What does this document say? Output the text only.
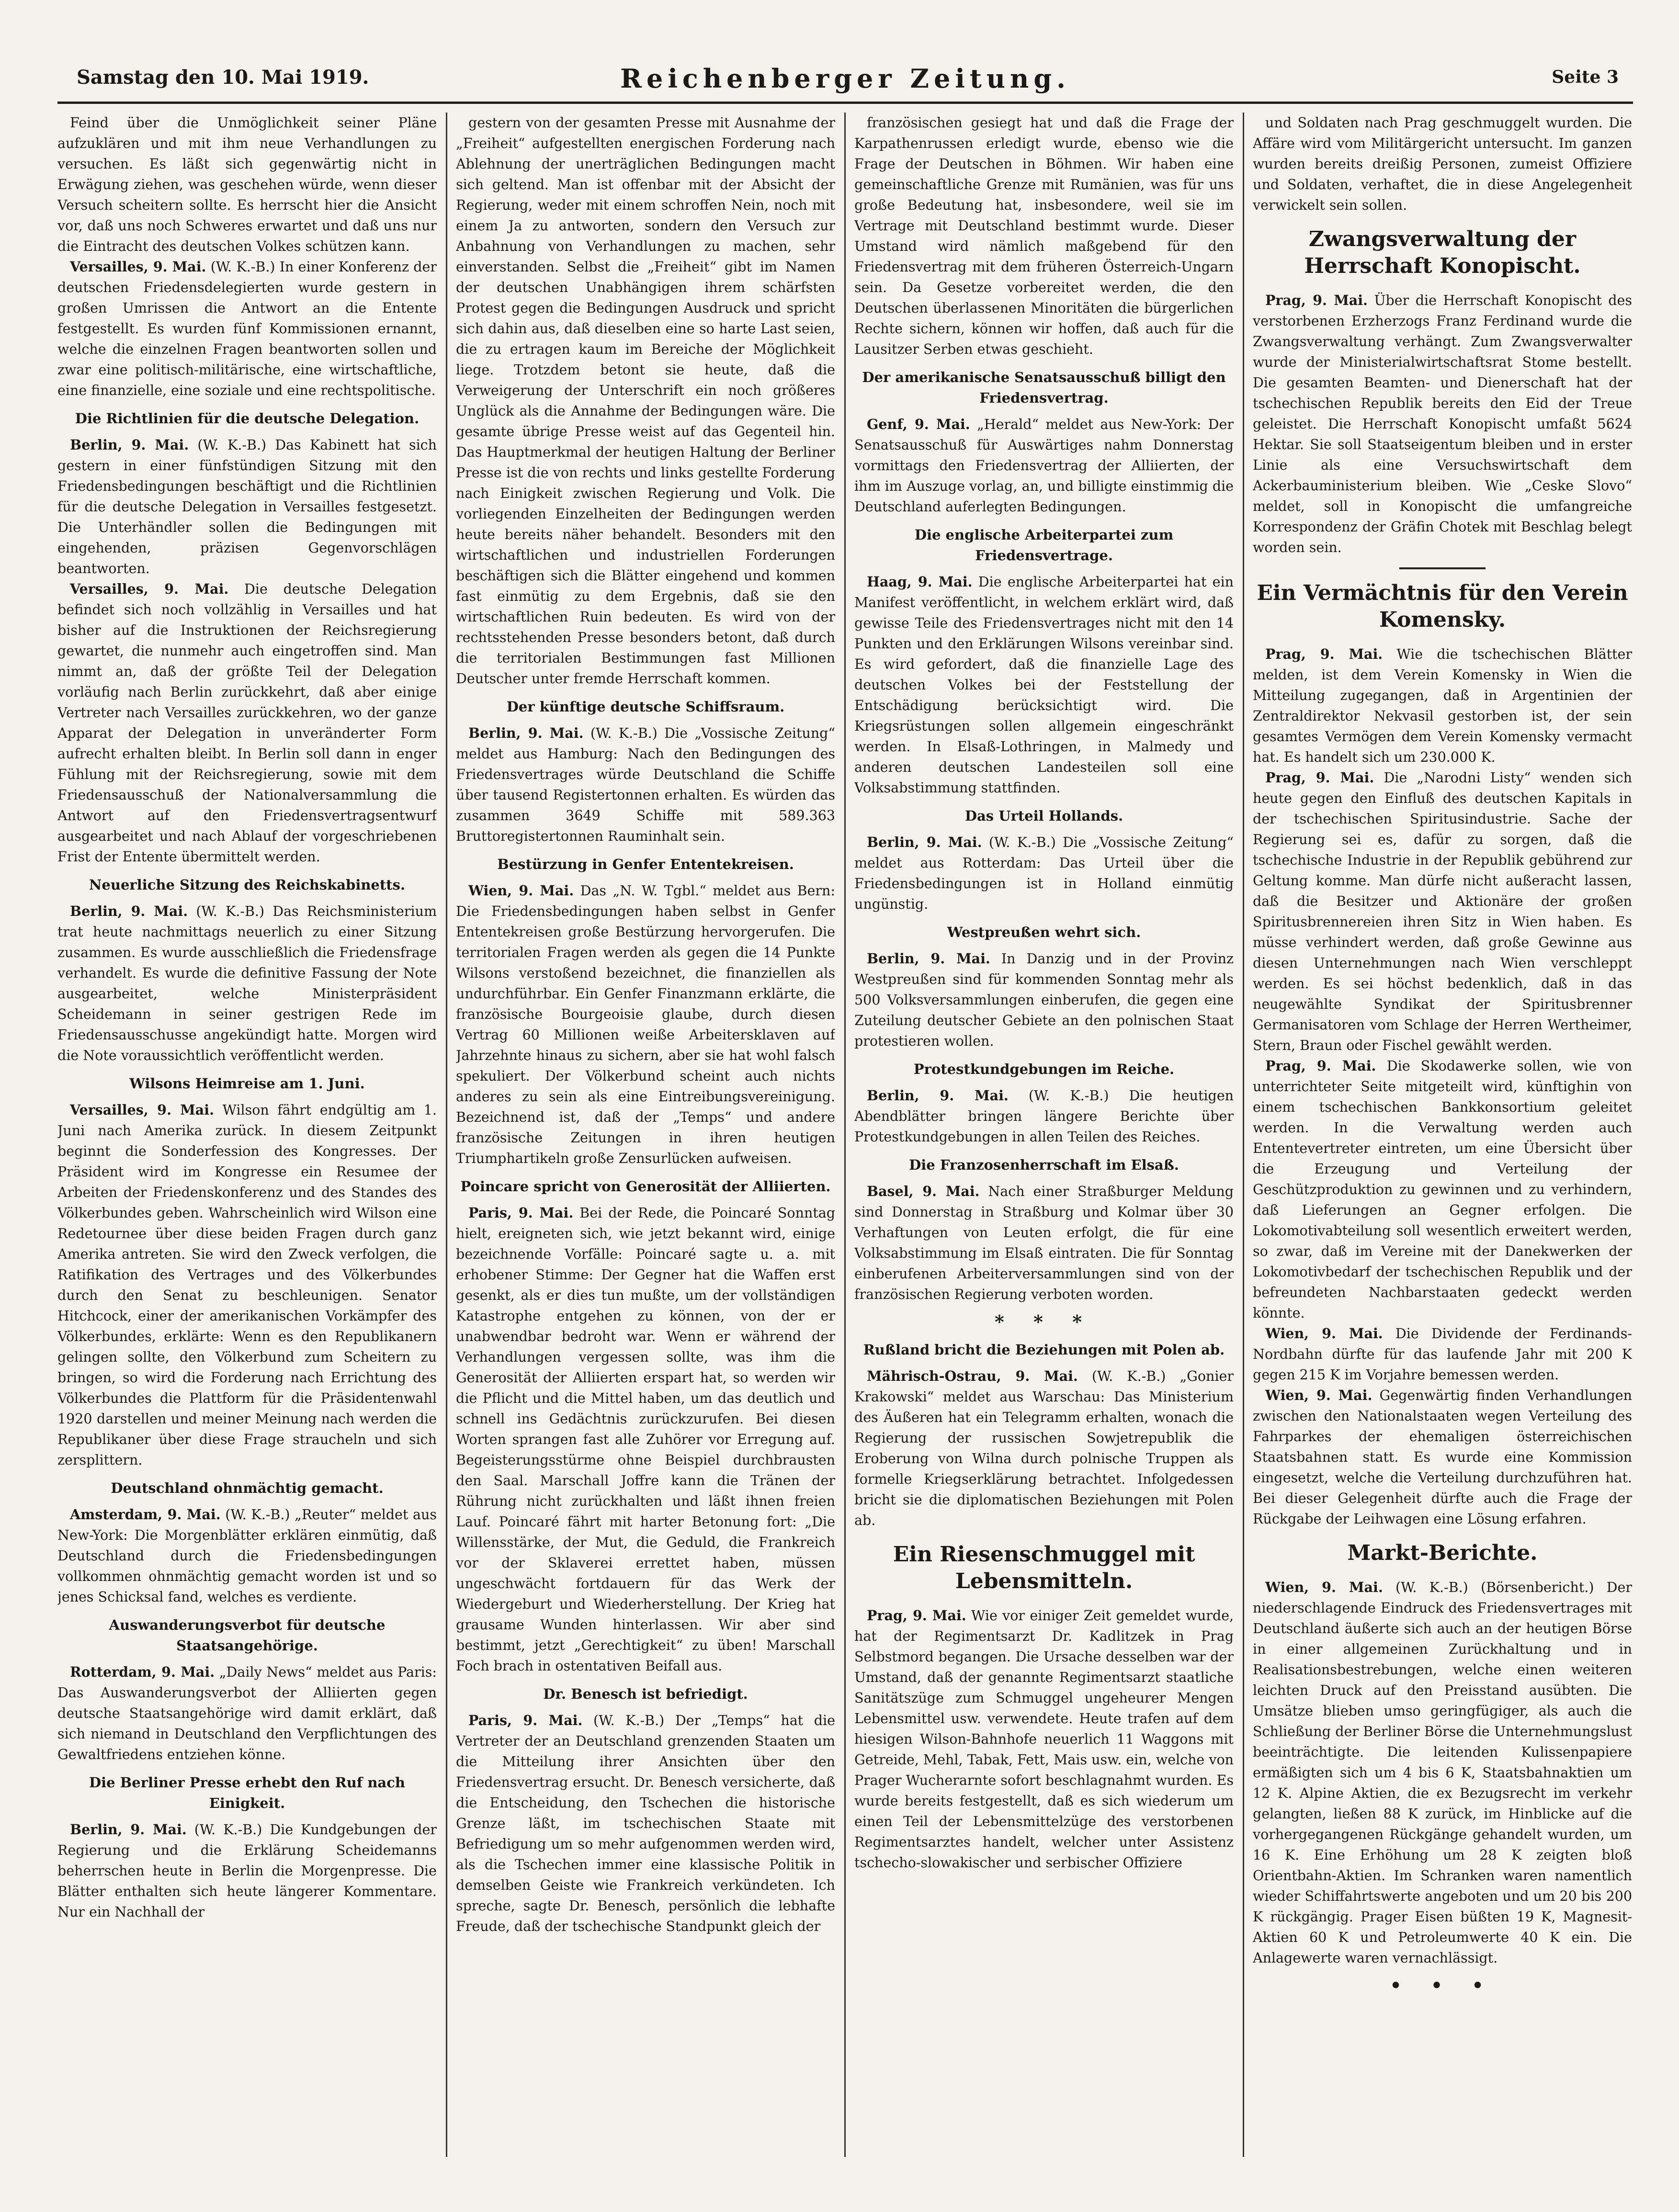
Samstag den 10. Mai 1919.	Reichenberger Zeitung.	Seite 3

Feind über die Unmöglichkeit seiner Pläne aufzuklären und mit ihm neue Verhandlungen zu versuchen. Es läßt sich gegenwärtig nicht in Erwägung ziehen, was geschehen würde, wenn dieser Versuch scheitern sollte. Es herrscht hier die Ansicht vor, daß uns noch Schweres erwartet und daß uns nur die Eintracht des deutschen Volkes schützen kann.

Versailles, 9. Mai. (W. K.-B.) In einer Konferenz der deutschen Friedensdelegierten wurde gestern in großen Umrissen die Antwort an die Entente festgestellt. Es wurden fünf Kommissionen ernannt, welche die einzelnen Fragen beantworten sollen und zwar eine politisch-militärische, eine wirtschaftliche, eine finanzielle, eine soziale und eine rechtspolitische.

Die Richtlinien für die deutsche Delegation.

Berlin, 9. Mai. (W. K.-B.) Das Kabinett hat sich gestern in einer fünfstündigen Sitzung mit den Friedensbedingungen beschäftigt und die Richtlinien für die deutsche Delegation in Versailles festgesetzt. Die Unterhändler sollen die Bedingungen mit eingehenden, präzisen Gegenvorschlägen beantworten.

Versailles, 9. Mai. Die deutsche Delegation befindet sich noch vollzählig in Versailles und hat bisher auf die Instruktionen der Reichsregierung gewartet, die nunmehr auch eingetroffen sind. Man nimmt an, daß der größte Teil der Delegation vorläufig nach Berlin zurückkehrt, daß aber einige Vertreter nach Versailles zurückkehren, wo der ganze Apparat der Delegation in unveränderter Form aufrecht erhalten bleibt. In Berlin soll dann in enger Fühlung mit der Reichsregierung, sowie mit dem Friedensausschuß der Nationalversammlung die Antwort auf den Friedensvertragsentwurf ausgearbeitet und nach Ablauf der vorgeschriebenen Frist der Entente übermittelt werden.

Neuerliche Sitzung des Reichskabinetts.

Berlin, 9. Mai. (W. K.-B.) Das Reichsministerium trat heute nachmittags neuerlich zu einer Sitzung zusammen. Es wurde ausschließlich die Friedensfrage verhandelt. Es wurde die definitive Fassung der Note ausgearbeitet, welche Ministerpräsident Scheidemann in seiner gestrigen Rede im Friedensausschusse angekündigt hatte. Morgen wird die Note voraussichtlich veröffentlicht werden.

Wilsons Heimreise am 1. Juni.

Versailles, 9. Mai. Wilson fährt endgültig am 1. Juni nach Amerika zurück. In diesem Zeitpunkt beginnt die Sonderfession des Kongresses. Der Präsident wird im Kongresse ein Resumee der Arbeiten der Friedenskonferenz und des Standes des Völkerbundes geben. Wahrscheinlich wird Wilson eine Redetournee über diese beiden Fragen durch ganz Amerika antreten. Sie wird den Zweck verfolgen, die Ratifikation des Vertrages und des Völkerbundes durch den Senat zu beschleunigen. Senator Hitchcock, einer der amerikanischen Vorkämpfer des Völkerbundes, erklärte: Wenn es den Republikanern gelingen sollte, den Völkerbund zum Scheitern zu bringen, so wird die Forderung nach Errichtung des Völkerbundes die Plattform für die Präsidentenwahl 1920 darstellen und meiner Meinung nach werden die Republikaner über diese Frage straucheln und sich zersplittern.

Deutschland ohnmächtig gemacht.

Amsterdam, 9. Mai. (W. K.-B.) „Reuter“ meldet aus New-York: Die Morgenblätter erklären einmütig, daß Deutschland durch die Friedensbedingungen vollkommen ohnmächtig gemacht worden ist und so jenes Schicksal fand, welches es verdiente.

Auswanderungsverbot für deutsche Staatsangehörige.

Rotterdam, 9. Mai. „Daily News“ meldet aus Paris: Das Auswanderungsverbot der Alliierten gegen deutsche Staatsangehörige wird damit erklärt, daß sich niemand in Deutschland den Verpflichtungen des Gewaltfriedens entziehen könne.

Die Berliner Presse erhebt den Ruf nach Einigkeit.

Berlin, 9. Mai. (W. K.-B.) Die Kundgebungen der Regierung und die Erklärung Scheidemanns beherrschen heute in Berlin die Morgenpresse. Die Blätter enthalten sich heute längerer Kommentare. Nur ein Nachhall der

gestern von der gesamten Presse mit Ausnahme der „Freiheit“ aufgestellten energischen Forderung nach Ablehnung der unerträglichen Bedingungen macht sich geltend. Man ist offenbar mit der Absicht der Regierung, weder mit einem schroffen Nein, noch mit einem Ja zu antworten, sondern den Versuch zur Anbahnung von Verhandlungen zu machen, sehr einverstanden. Selbst die „Freiheit“ gibt im Namen der deutschen Unabhängigen ihrem schärfsten Protest gegen die Bedingungen Ausdruck und spricht sich dahin aus, daß dieselben eine so harte Last seien, die zu ertragen kaum im Bereiche der Möglichkeit liege. Trotzdem betont sie heute, daß die Verweigerung der Unterschrift ein noch größeres Unglück als die Annahme der Bedingungen wäre. Die gesamte übrige Presse weist auf das Gegenteil hin. Das Hauptmerkmal der heutigen Haltung der Berliner Presse ist die von rechts und links gestellte Forderung nach Einigkeit zwischen Regierung und Volk. Die vorliegenden Einzelheiten der Bedingungen werden heute bereits näher behandelt. Besonders mit den wirtschaftlichen und industriellen Forderungen beschäftigen sich die Blätter eingehend und kommen fast einmütig zu dem Ergebnis, daß sie den wirtschaftlichen Ruin bedeuten. Es wird von der rechtsstehenden Presse besonders betont, daß durch die territorialen Bestimmungen fast Millionen Deutscher unter fremde Herrschaft kommen.

Der künftige deutsche Schiffsraum.

Berlin, 9. Mai. (W. K.-B.) Die „Vossische Zeitung“ meldet aus Hamburg: Nach den Bedingungen des Friedensvertrages würde Deutschland die Schiffe über tausend Registertonnen erhalten. Es würden das zusammen 3649 Schiffe mit 589.363 Bruttoregistertonnen Rauminhalt sein.

Bestürzung in Genfer Ententekreisen.

Wien, 9. Mai. Das „N. W. Tgbl.“ meldet aus Bern: Die Friedensbedingungen haben selbst in Genfer Ententekreisen große Bestürzung hervorgerufen. Die territorialen Fragen werden als gegen die 14 Punkte Wilsons verstoßend bezeichnet, die finanziellen als undurchführbar. Ein Genfer Finanzmann erklärte, die französische Bourgeoisie glaube, durch diesen Vertrag 60 Millionen weiße Arbeitersklaven auf Jahrzehnte hinaus zu sichern, aber sie hat wohl falsch spekuliert. Der Völkerbund scheint auch nichts anderes zu sein als eine Eintreibungsvereinigung. Bezeichnend ist, daß der „Temps“ und andere französische Zeitungen in ihren heutigen Triumphartikeln große Zensurlücken aufweisen.

Poincare spricht von Generosität der Alliierten.

Paris, 9. Mai. Bei der Rede, die Poincaré Sonntag hielt, ereigneten sich, wie jetzt bekannt wird, einige bezeichnende Vorfälle: Poincaré sagte u. a. mit erhobener Stimme: Der Gegner hat die Waffen erst gesenkt, als er dies tun mußte, um der vollständigen Katastrophe entgehen zu können, von der er unabwendbar bedroht war. Wenn er während der Verhandlungen vergessen sollte, was ihm die Generosität der Alliierten erspart hat, so werden wir die Pflicht und die Mittel haben, um das deutlich und schnell ins Gedächtnis zurückzurufen. Bei diesen Worten sprangen fast alle Zuhörer vor Erregung auf. Begeisterungsstürme ohne Beispiel durchbrausten den Saal. Marschall Joffre kann die Tränen der Rührung nicht zurückhalten und läßt ihnen freien Lauf. Poincaré fährt mit harter Betonung fort: „Die Willensstärke, der Mut, die Geduld, die Frankreich vor der Sklaverei errettet haben, müssen ungeschwächt fortdauern für das Werk der Wiedergeburt und Wiederherstellung. Der Krieg hat grausame Wunden hinterlassen. Wir aber sind bestimmt, jetzt „Gerechtigkeit“ zu üben! Marschall Foch brach in ostentativen Beifall aus.

Dr. Benesch ist befriedigt.

Paris, 9. Mai. (W. K.-B.) Der „Temps“ hat die Vertreter der an Deutschland grenzenden Staaten um die Mitteilung ihrer Ansichten über den Friedensvertrag ersucht. Dr. Benesch versicherte, daß die Entscheidung, den Tschechen die historische Grenze läßt, im tschechischen Staate mit Befriedigung um so mehr aufgenommen werden wird, als die Tschechen immer eine klassische Politik in demselben Geiste wie Frankreich verkündeten. Ich spreche, sagte Dr. Benesch, persönlich die lebhafte Freude, daß der tschechische Standpunkt gleich der

französischen gesiegt hat und daß die Frage der Karpathenrussen erledigt wurde, ebenso wie die Frage der Deutschen in Böhmen. Wir haben eine gemeinschaftliche Grenze mit Rumänien, was für uns große Bedeutung hat, insbesondere, weil sie im Vertrage mit Deutschland bestimmt wurde. Dieser Umstand wird nämlich maßgebend für den Friedensvertrag mit dem früheren Österreich-Ungarn sein. Da Gesetze vorbereitet werden, die den Deutschen überlassenen Minoritäten die bürgerlichen Rechte sichern, können wir hoffen, daß auch für die Lausitzer Serben etwas geschieht.

Der amerikanische Senatsausschuß billigt den Friedensvertrag.

Genf, 9. Mai. „Herald“ meldet aus New-York: Der Senatsausschuß für Auswärtiges nahm Donnerstag vormittags den Friedensvertrag der Alliierten, der ihm im Auszuge vorlag, an, und billigte einstimmig die Deutschland auferlegten Bedingungen.

Die englische Arbeiterpartei zum Friedensvertrage.

Haag, 9. Mai. Die englische Arbeiterpartei hat ein Manifest veröffentlicht, in welchem erklärt wird, daß gewisse Teile des Friedensvertrages nicht mit den 14 Punkten und den Erklärungen Wilsons vereinbar sind. Es wird gefordert, daß die finanzielle Lage des deutschen Volkes bei der Feststellung der Entschädigung berücksichtigt wird. Die Kriegsrüstungen sollen allgemein eingeschränkt werden. In Elsaß-Lothringen, in Malmedy und anderen deutschen Landesteilen soll eine Volksabstimmung stattfinden.

Das Urteil Hollands.

Berlin, 9. Mai. (W. K.-B.) Die „Vossische Zeitung“ meldet aus Rotterdam: Das Urteil über die Friedensbedingungen ist in Holland einmütig ungünstig.

Westpreußen wehrt sich.

Berlin, 9. Mai. In Danzig und in der Provinz Westpreußen sind für kommenden Sonntag mehr als 500 Volksversammlungen einberufen, die gegen eine Zuteilung deutscher Gebiete an den polnischen Staat protestieren wollen.

Protestkundgebungen im Reiche.

Berlin, 9. Mai. (W. K.-B.) Die heutigen Abendblätter bringen längere Berichte über Protestkundgebungen in allen Teilen des Reiches.

Die Franzosenherrschaft im Elsaß.

Basel, 9. Mai. Nach einer Straßburger Meldung sind Donnerstag in Straßburg und Kolmar über 30 Verhaftungen von Leuten erfolgt, die für eine Volksabstimmung im Elsaß eintraten. Die für Sonntag einberufenen Arbeiterversammlungen sind von der französischen Regierung verboten worden.

* * *
Rußland bricht die Beziehungen mit Polen ab.

Mährisch-Ostrau, 9. Mai. (W. K.-B.) „Gonier Krakowski“ meldet aus Warschau: Das Ministerium des Äußeren hat ein Telegramm erhalten, wonach die Regierung der russischen Sowjetrepublik die Eroberung von Wilna durch polnische Truppen als formelle Kriegserklärung betrachtet. Infolgedessen bricht sie die diplomatischen Beziehungen mit Polen ab.

Ein Riesenschmuggel mit Lebensmitteln.

Prag, 9. Mai. Wie vor einiger Zeit gemeldet wurde, hat der Regimentsarzt Dr. Kadlitzek in Prag Selbstmord begangen. Die Ursache desselben war der Umstand, daß der genannte Regimentsarzt staatliche Sanitätszüge zum Schmuggel ungeheurer Mengen Lebensmittel usw. verwendete. Heute trafen auf dem hiesigen Wilson-Bahnhofe neuerlich 11 Waggons mit Getreide, Mehl, Tabak, Fett, Mais usw. ein, welche von Prager Wucherarnte sofort beschlagnahmt wurden. Es wurde bereits festgestellt, daß es sich wiederum um einen Teil der Lebensmittelzüge des verstorbenen Regimentsarztes handelt, welcher unter Assistenz tschecho-slowakischer und serbischer Offiziere

und Soldaten nach Prag geschmuggelt wurden. Die Affäre wird vom Militärgericht untersucht. Im ganzen wurden bereits dreißig Personen, zumeist Offiziere und Soldaten, verhaftet, die in diese Angelegenheit verwickelt sein sollen.

Zwangsverwaltung der Herrschaft Konopischt.

Prag, 9. Mai. Über die Herrschaft Konopischt des verstorbenen Erzherzogs Franz Ferdinand wurde die Zwangsverwaltung verhängt. Zum Zwangsverwalter wurde der Ministerialwirtschaftsrat Stome bestellt. Die gesamten Beamten- und Dienerschaft hat der tschechischen Republik bereits den Eid der Treue geleistet. Die Herrschaft Konopischt umfaßt 5624 Hektar. Sie soll Staatseigentum bleiben und in erster Linie als eine Versuchswirtschaft dem Ackerbauministerium bleiben. Wie „Ceske Slovo“ meldet, soll in Konopischt die umfangreiche Korrespondenz der Gräfin Chotek mit Beschlag belegt worden sein.

Ein Vermächtnis für den Verein Komensky.

Prag, 9. Mai. Wie die tschechischen Blätter melden, ist dem Verein Komensky in Wien die Mitteilung zugegangen, daß in Argentinien der Zentraldirektor Nekvasil gestorben ist, der sein gesamtes Vermögen dem Verein Komensky vermacht hat. Es handelt sich um 230.000 K.

Prag, 9. Mai. Die „Narodni Listy“ wenden sich heute gegen den Einfluß des deutschen Kapitals in der tschechischen Spiritusindustrie. Sache der Regierung sei es, dafür zu sorgen, daß die tschechische Industrie in der Republik gebührend zur Geltung komme. Man dürfe nicht außeracht lassen, daß die Besitzer und Aktionäre der großen Spiritusbrennereien ihren Sitz in Wien haben. Es müsse verhindert werden, daß große Gewinne aus diesen Unternehmungen nach Wien verschleppt werden. Es sei höchst bedenklich, daß in das neugewählte Syndikat der Spiritusbrenner Germanisatoren vom Schlage der Herren Wertheimer, Stern, Braun oder Fischel gewählt werden.

Prag, 9. Mai. Die Skodawerke sollen, wie von unterrichteter Seite mitgeteilt wird, künftighin von einem tschechischen Bankkonsortium geleitet werden. In die Verwaltung werden auch Ententevertreter eintreten, um eine Übersicht über die Erzeugung und Verteilung der Geschützproduktion zu gewinnen und zu verhindern, daß Lieferungen an Gegner erfolgen. Die Lokomotivabteilung soll wesentlich erweitert werden, so zwar, daß im Vereine mit der Danekwerken der Lokomotivbedarf der tschechischen Republik und der befreundeten Nachbarstaaten gedeckt werden könnte.

Wien, 9. Mai. Die Dividende der Ferdinands-Nordbahn dürfte für das laufende Jahr mit 200 K gegen 215 K im Vorjahre bemessen werden.

Wien, 9. Mai. Gegenwärtig finden Verhandlungen zwischen den Nationalstaaten wegen Verteilung des Fahrparkes der ehemaligen österreichischen Staatsbahnen statt. Es wurde eine Kommission eingesetzt, welche die Verteilung durchzuführen hat. Bei dieser Gelegenheit dürfte auch die Frage der Rückgabe der Leihwagen eine Lösung erfahren.

Markt-Berichte.

Wien, 9. Mai. (W. K.-B.) (Börsenbericht.) Der niederschlagende Eindruck des Friedensvertrages mit Deutschland äußerte sich auch an der heutigen Börse in einer allgemeinen Zurückhaltung und in Realisationsbestrebungen, welche einen weiteren leichten Druck auf den Preisstand ausübten. Die Umsätze blieben umso geringfügiger, als auch die Schließung der Berliner Börse die Unternehmungslust beeinträchtigte. Die leitenden Kulissenpapiere ermäßigten sich um 4 bis 6 K, Staatsbahnaktien um 12 K. Alpine Aktien, die ex Bezugsrecht im verkehr gelangten, ließen 88 K zurück, im Hinblicke auf die vorhergegangenen Rückgänge gehandelt wurden, um 16 K. Eine Erhöhung um 28 K zeigten bloß Orientbahn-Aktien. Im Schranken waren namentlich wieder Schiffahrtswerte angeboten und um 20 bis 200 K rückgängig. Prager Eisen büßten 19 K, Magnesit-Aktien 60 K und Petroleumwerte 40 K ein. Die Anlagewerte waren vernachlässigt.

• • •
